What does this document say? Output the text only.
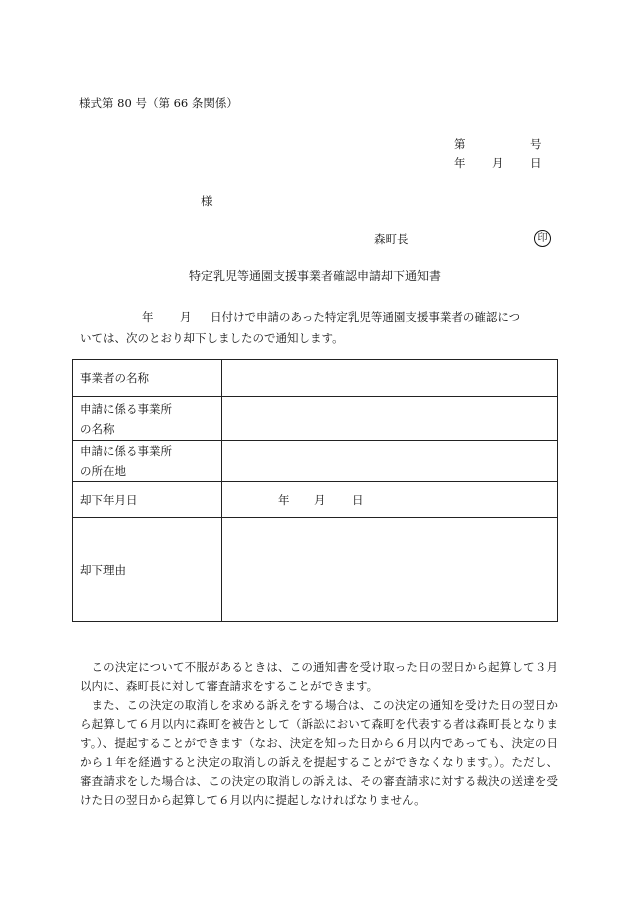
様式第 80 号（第 66 条関係）
第	号
年 月 日
様
森町長	印
特定乳児等通園支援事業者確認申請却下通知書
年 月 日付けで申請のあった特定乳児等通園支援事業者の確認につ
いては、次のとおり却下しましたので通知します。
事業者の名称	

申請に係る事業所
の名称	

申請に係る事業所
の所在地	

却下年月日	年 月 日

却下理由	

この決定について不服があるときは、この通知書を受け取った日の翌日から起算して３月以内に、森町長に対して審査請求をすることができます。

また、この決定の取消しを求める訴えをする場合は、この決定の通知を受けた日の翌日から起算して６月以内に森町を被告として（訴訟において森町を代表する者は森町長となります。）、提起することができます（なお、決定を知った日から６月以内であっても、決定の日から１年を経過すると決定の取消しの訴えを提起することができなくなります。）。ただし、審査請求をした場合は、この決定の取消しの訴えは、その審査請求に対する裁決の送達を受けた日の翌日から起算して６月以内に提起しなければなりません。
